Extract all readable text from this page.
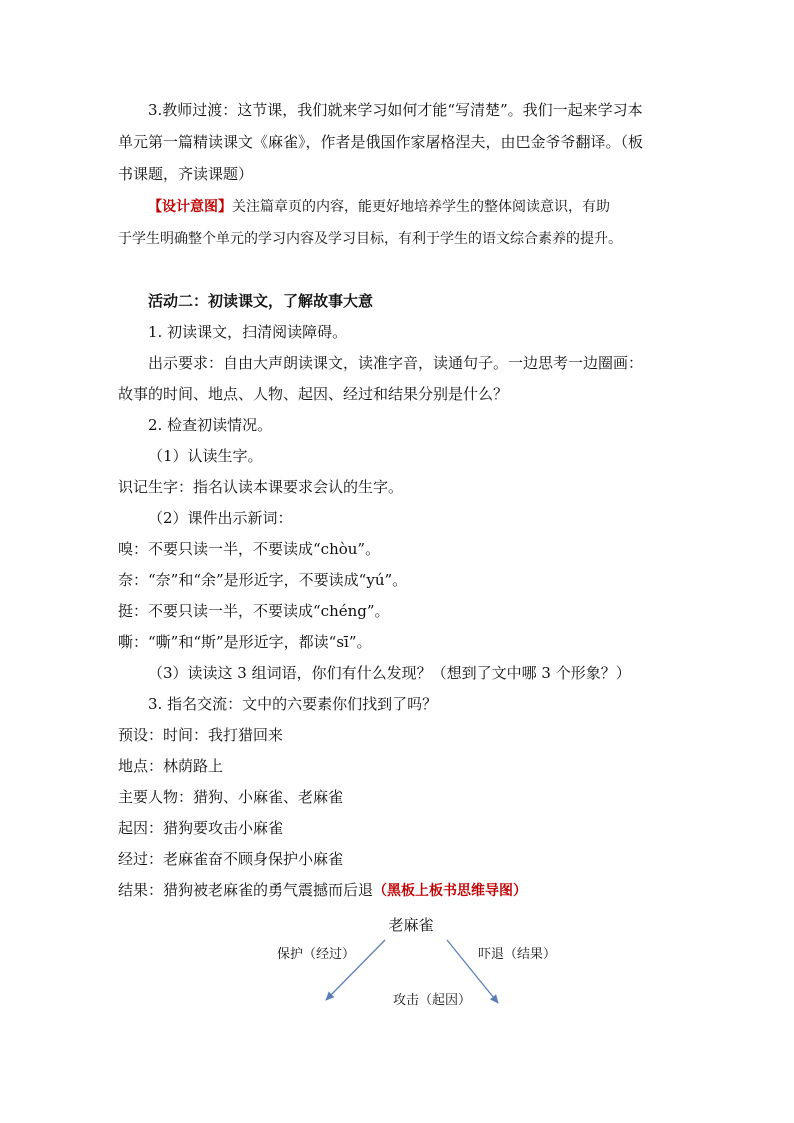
3.教师过渡：这节课，我们就来学习如何才能“写清楚”。我们一起来学习本
单元第一篇精读课文《麻雀》，作者是俄国作家屠格涅夫，由巴金爷爷翻译。（板
书课题，齐读课题）
【设计意图】关注篇章页的内容，能更好地培养学生的整体阅读意识，有助
于学生明确整个单元的学习内容及学习目标，有利于学生的语文综合素养的提升。
活动二：初读课文，了解故事大意
1. 初读课文，扫清阅读障碍。
出示要求：自由大声朗读课文，读准字音，读通句子。一边思考一边圈画：
故事的时间、地点、人物、起因、经过和结果分别是什么？
2. 检查初读情况。
（1）认读生字。
识记生字：指名认读本课要求会认的生字。
（2）课件出示新词：
嗅：不要只读一半，不要读成“chòu”。
奈：“奈”和“余”是形近字，不要读成“yú”。
挺：不要只读一半，不要读成“chéng”。
嘶：“嘶”和“斯”是形近字，都读“sī”。
（3）读读这 3 组词语，你们有什么发现？（想到了文中哪 3 个形象？）
3. 指名交流：文中的六要素你们找到了吗？
预设：时间：我打猎回来
地点：林荫路上
主要人物：猎狗、小麻雀、老麻雀
起因：猎狗要攻击小麻雀
经过：老麻雀奋不顾身保护小麻雀
结果：猎狗被老麻雀的勇气震撼而后退（黑板上板书思维导图）
老麻雀
保护（经过）	吓退（结果）
攻击（起因）
